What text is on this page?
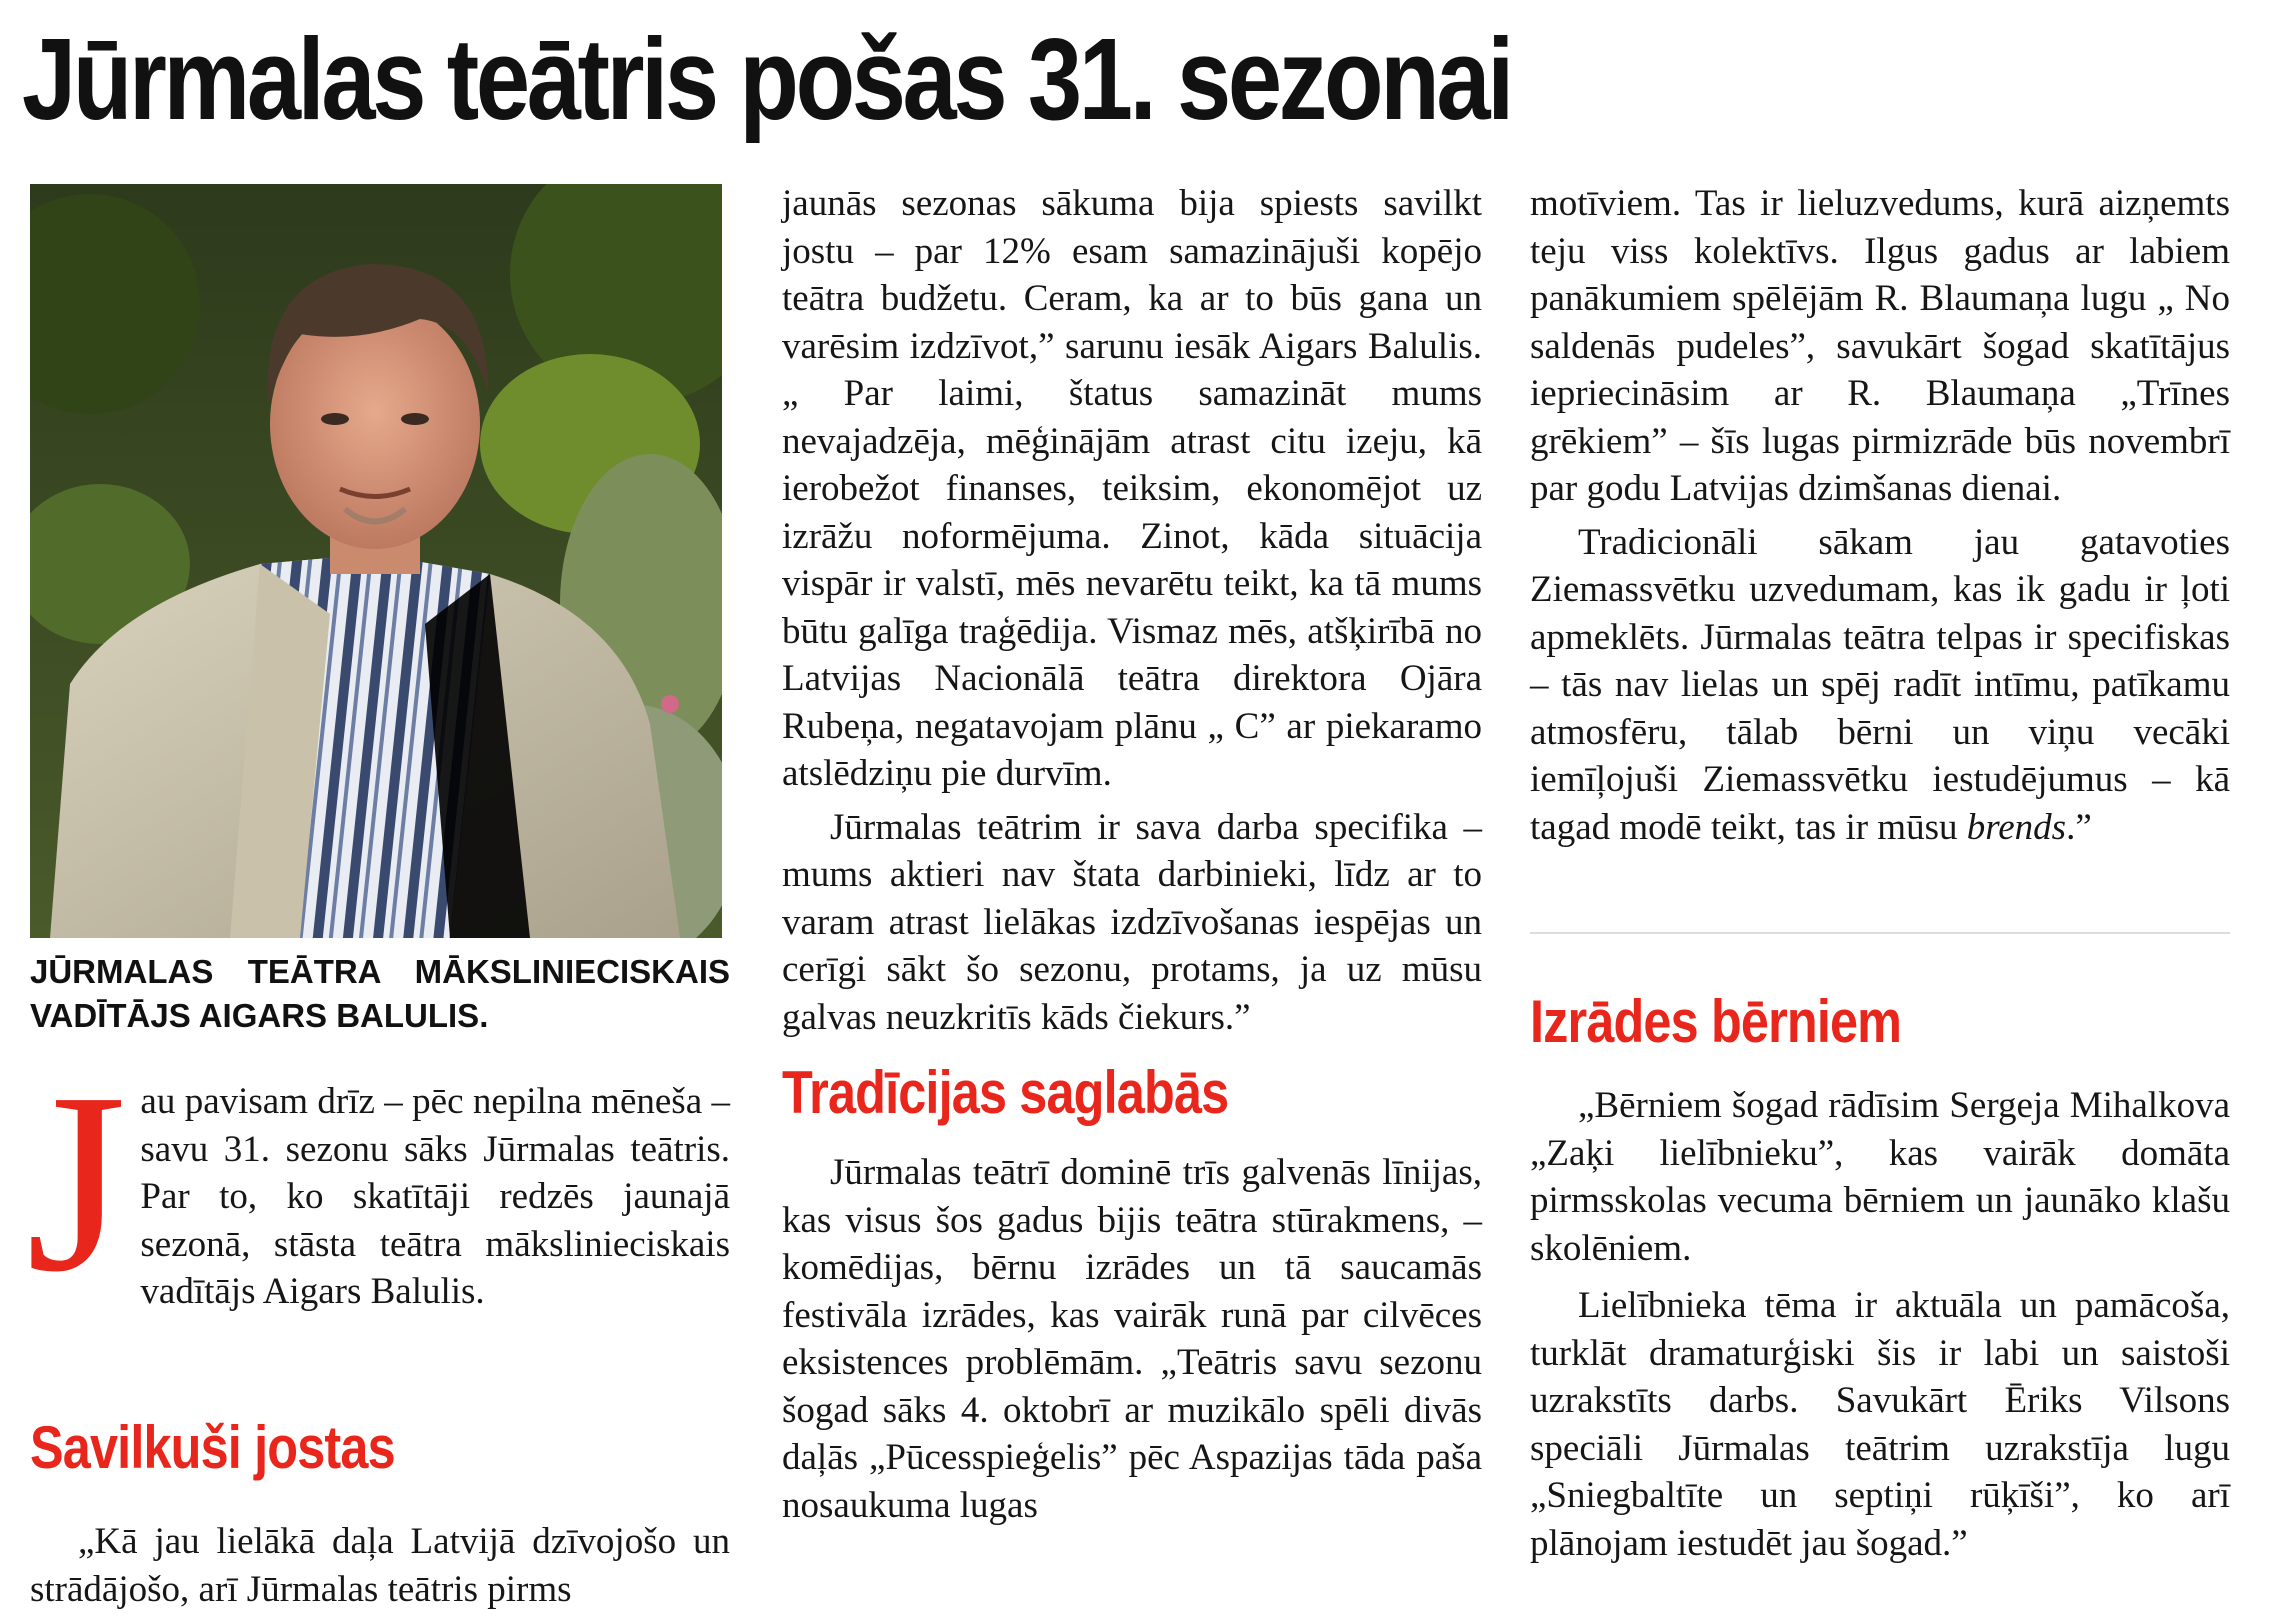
Jūrmalas teātris pošas 31. sezonai

JŪRMALAS TEĀTRA MĀKSLINIECISKAIS VADĪTĀJS AIGARS BALULIS.

Jau pavisam drīz – pēc nepilna mēneša – savu 31. sezonu sāks Jūrmalas teātris. Par to, ko skatītāji redzēs jaunajā sezonā, stāsta teātra mākslinieciskais vadītājs Aigars Balulis.

Savilkuši jostas

„Kā jau lielākā daļa Latvijā dzīvojošo un strādājošo, arī Jūrmalas teātris pirms

jaunās sezonas sākuma bija spiests savilkt jostu – par 12% esam samazinājuši kopējo teātra budžetu. Ceram, ka ar to būs gana un varēsim izdzīvot,” sarunu iesāk Aigars Balulis. „ Par laimi, štatus samazināt mums nevajadzēja, mēģinājām atrast citu izeju, kā ierobežot finanses, teiksim, ekonomējot uz izrāžu noformējuma. Zinot, kāda situācija vispār ir valstī, mēs nevarētu teikt, ka tā mums būtu galīga traģēdija. Vismaz mēs, atšķirībā no Latvijas Nacionālā teātra direktora Ojāra Rubeņa, negatavojam plānu „ C” ar piekaramo atslēdziņu pie durvīm.

Jūrmalas teātrim ir sava darba specifika – mums aktieri nav štata darbinieki, līdz ar to varam atrast lielākas izdzīvošanas iespējas un cerīgi sākt šo sezonu, protams, ja uz mūsu galvas neuzkritīs kāds čiekurs.”

Tradīcijas saglabās

Jūrmalas teātrī dominē trīs galvenās līnijas, kas visus šos gadus bijis teātra stūrakmens, – komēdijas, bērnu izrādes un tā saucamās festivāla izrādes, kas vairāk runā par cilvēces eksistences problēmām. „Teātris savu sezonu šogad sāks 4. oktobrī ar muzikālo spēli divās daļās „Pūcesspieģelis” pēc Aspazijas tāda paša nosaukuma lugas

motīviem. Tas ir lieluzvedums, kurā aizņemts teju viss kolektīvs. Ilgus gadus ar labiem panākumiem spēlējām R. Blaumaņa lugu „ No saldenās pudeles”, savukārt šogad skatītājus iepriecināsim ar R. Blaumaņa „Trīnes grēkiem” – šīs lugas pirmizrāde būs novembrī par godu Latvijas dzimšanas dienai.

Tradicionāli sākam jau gatavoties Ziemassvētku uzvedumam, kas ik gadu ir ļoti apmeklēts. Jūrmalas teātra telpas ir specifiskas – tās nav lielas un spēj radīt intīmu, patīkamu atmosfēru, tālab bērni un viņu vecāki iemīļojuši Ziemassvētku iestudējumus – kā tagad modē teikt, tas ir mūsu brends.”

Izrādes bērniem

„Bērniem šogad rādīsim Sergeja Mihalkova „Zaķi lielībnieku”, kas vairāk domāta pirmsskolas vecuma bērniem un jaunāko klašu skolēniem.

Lielībnieka tēma ir aktuāla un pamācoša, turklāt dramaturģiski šis ir labi un saistoši uzrakstīts darbs. Savukārt Ēriks Vilsons speciāli Jūrmalas teātrim uzrakstīja lugu „Sniegbaltīte un septiņi rūķīši”, ko arī plānojam iestudēt jau šogad.”
